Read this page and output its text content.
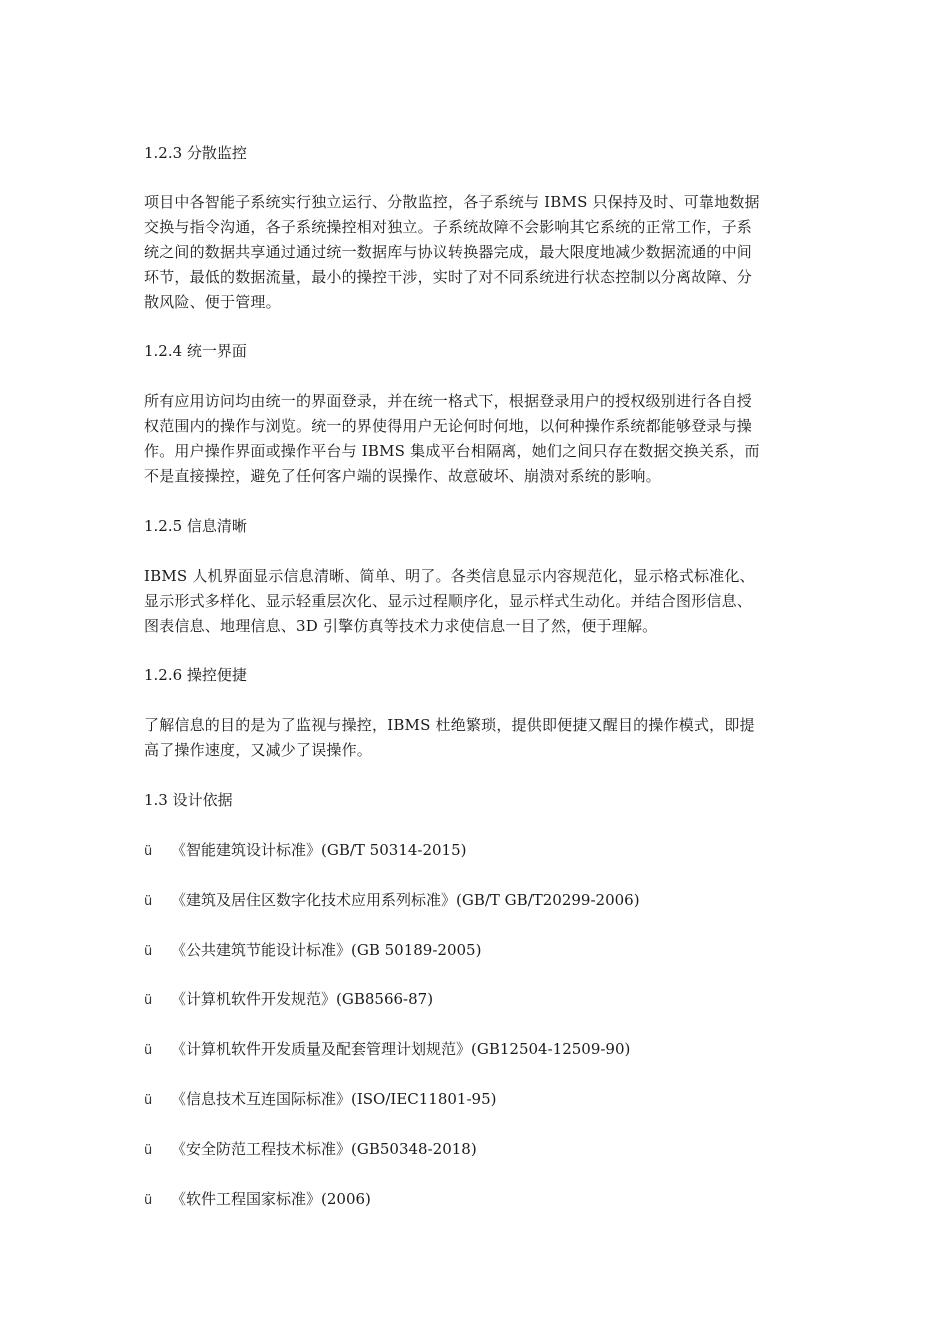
1.2.3 分散监控
项目中各智能子系统实行独立运行、分散监控，各子系统与 IBMS 只保持及时、可靠地数据
交换与指令沟通，各子系统操控相对独立。子系统故障不会影响其它系统的正常工作，子系
统之间的数据共享通过通过统一数据库与协议转换器完成，最大限度地减少数据流通的中间
环节，最低的数据流量，最小的操控干涉，实时了对不同系统进行状态控制以分离故障、分
散风险、便于管理。
1.2.4 统一界面
所有应用访问均由统一的界面登录，并在统一格式下，根据登录用户的授权级别进行各自授
权范围内的操作与浏览。统一的界使得用户无论何时何地，以何种操作系统都能够登录与操
作。用户操作界面或操作平台与 IBMS 集成平台相隔离，她们之间只存在数据交换关系，而
不是直接操控，避免了任何客户端的误操作、故意破坏、崩溃对系统的影响。
1.2.5 信息清晰
IBMS 人机界面显示信息清晰、简单、明了。各类信息显示内容规范化，显示格式标准化、
显示形式多样化、显示轻重层次化、显示过程顺序化，显示样式生动化。并结合图形信息、
图表信息、地理信息、3D 引擎仿真等技术力求使信息一目了然，便于理解。
1.2.6 操控便捷
了解信息的目的是为了监视与操控，IBMS 杜绝繁琐，提供即便捷又醒目的操作模式，即提
高了操作速度，又减少了误操作。
1.3 设计依据
ü 《智能建筑设计标准》(GB/T 50314-2015)
ü 《建筑及居住区数字化技术应用系列标准》(GB/T GB/T20299-2006)
ü 《公共建筑节能设计标准》(GB 50189-2005)
ü 《计算机软件开发规范》(GB8566-87)
ü 《计算机软件开发质量及配套管理计划规范》(GB12504-12509-90)
ü 《信息技术互连国际标准》(ISO/IEC11801-95)
ü 《安全防范工程技术标准》(GB50348-2018)
ü 《软件工程国家标准》(2006)
